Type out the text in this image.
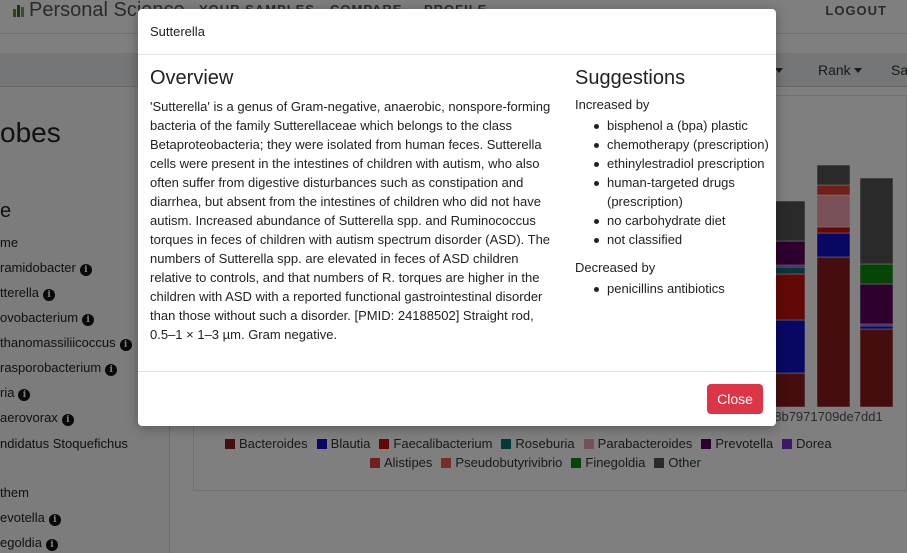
Sutterella
Overview

'Sutterella' is a genus of Gram-negative, anaerobic, nonspore-forming bacteria of the family Sutterellaceae which belongs to the class Betaproteobacteria; they were isolated from human feces. Sutterella cells were present in the intestines of children with autism, who also often suffer from digestive disturbances such as constipation and diarrhea, but absent from the intestines of children who did not have autism. Increased abundance of Sutterella spp. and Ruminococcus torques in feces of children with autism spectrum disorder (ASD). The numbers of Sutterella spp. are elevated in feces of ASD children relative to controls, and that numbers of R. torques are higher in the children with ASD with a reported functional gastrointestinal disorder than those without such a disorder. [PMID: 24188502] Straight rod, 0.5–1 × 1–3 µm. Gram negative.

Suggestions
Increased by
bisphenol a (bpa) plastic
chemotherapy (prescription)
ethinylestradiol prescription
human-targeted drugs (prescription)
no carbohydrate diet
not classified
Decreased by
penicillins antibiotics
Close
